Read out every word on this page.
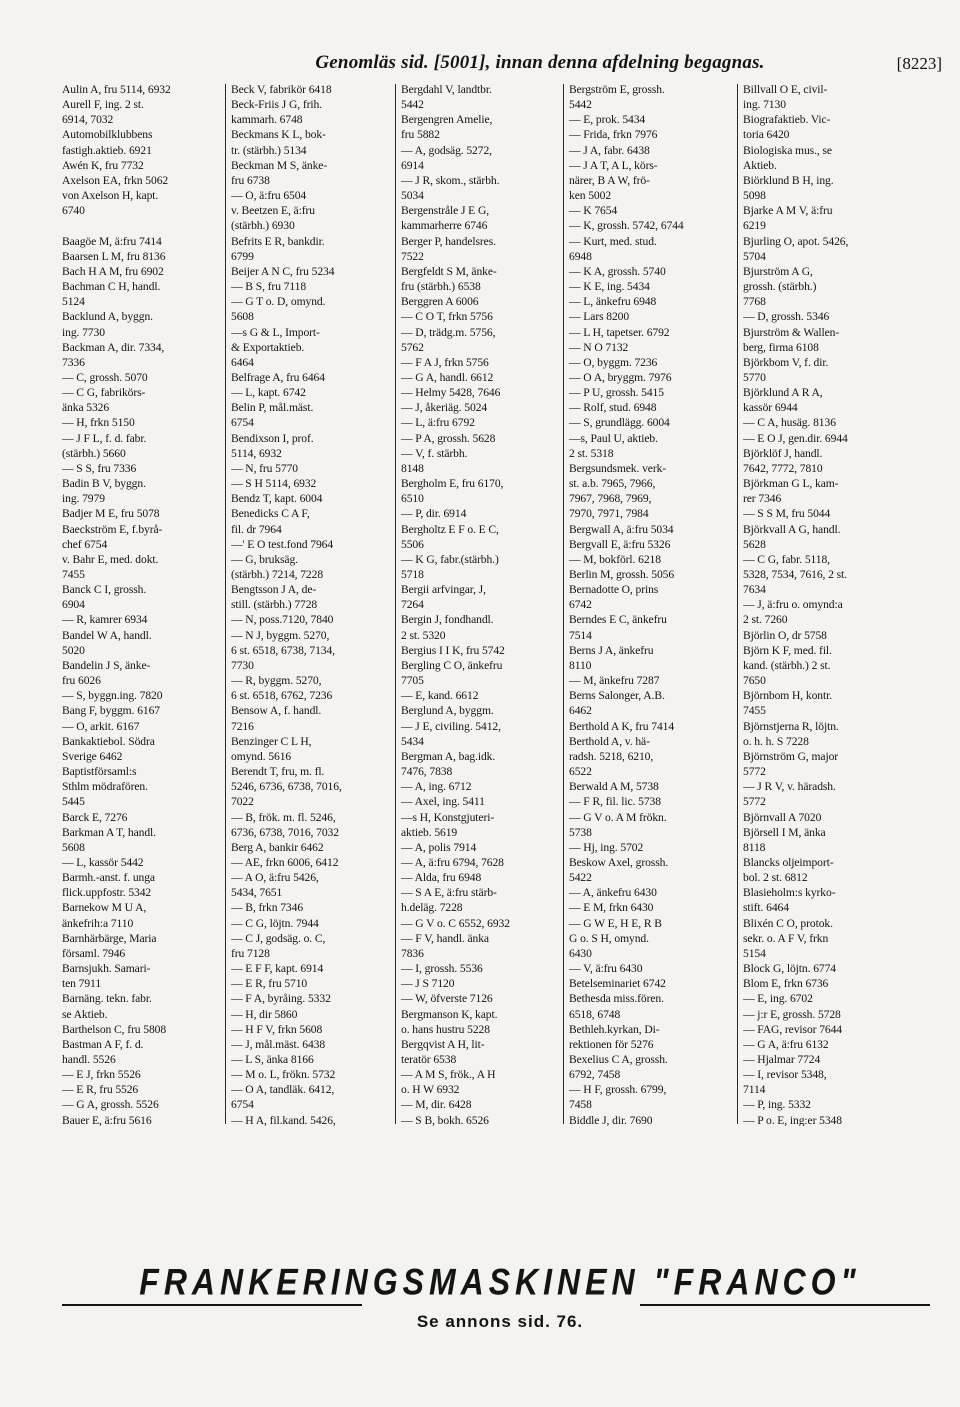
Genomläs sid. [5001], innan denna afdelning begagnas.	[8223]
Aulin A, fru 5114, 6932
Aurell F, ing. 2 st.
6914, 7032
Automobilklubbens
fastigh.aktieb. 6921
Awén K, fru 7732
Axelson EA, frkn 5062
von Axelson H, kapt.
6740

Baagöe M, ä:fru 7414
Baarsen L M, fru 8136
Bach H A M, fru 6902
Bachman C H, handl.
5124
Backlund A, byggn.
ing. 7730
Backman A, dir. 7334,
7336
— C, grossh. 5070
— C G, fabrikörs-
änka 5326
— H, frkn 5150
— J F L, f. d. fabr.
(stärbh.) 5660
— S S, fru 7336
Badin B V, byggn.
ing. 7979
Badjer M E, fru 5078
Baeckström E, f.byrå-
chef 6754
v. Bahr E, med. dokt.
7455
Banck C I, grossh.
6904
— R, kamrer 6934
Bandel W A, handl.
5020
Bandelin J S, änke-
fru 6026
— S, byggn.ing. 7820
Bang F, byggm. 6167
— O, arkit. 6167
Bankaktiebol. Södra
Sverige 6462
Baptistförsaml:s
Sthlm mödrafören.
5445
Barck E, 7276
Barkman A T, handl.
5608
— L, kassör 5442
Barmh.-anst. f. unga
flick.uppfostr. 5342
Barnekow M U A,
änkefrih:a 7110
Barnhärbärge, Maria
församl. 7946
Barnsjukh. Samari-
ten 7911
Barnäng. tekn. fabr.
se Aktieb.
Barthelson C, fru 5808
Bastman A F, f. d.
handl. 5526
— E J, frkn 5526
— E R, fru 5526
— G A, grossh. 5526
Bauer E, ä:fru 5616
Beck V, fabrikör 6418
Beck-Friis J G, frih.
kammarh. 6748
Beckmans K L, bok-
tr. (stärbh.) 5134
Beckman M S, änke-
fru 6738
— O, ä:fru 6504
v. Beetzen E, ä:fru
(stärbh.) 6930
Befrits E R, bankdir.
6799
Beijer A N C, fru 5234
— B S, fru 7118
— G T o. D, omynd.
5608
—s G & L, Import-
& Exportaktieb.
6464
Belfrage A, fru 6464
— L, kapt. 6742
Belin P, mål.mäst.
6754
Bendixson I, prof.
5114, 6932
— N, fru 5770
— S H 5114, 6932
Bendz T, kapt. 6004
Benedicks C A F,
fil. dr 7964
—' E O test.fond 7964
— G, bruksäg.
(stärbh.) 7214, 7228
Bengtsson J A, de-
still. (stärbh.) 7728
— N, poss.7120, 7840
— N J, byggm. 5270,
6 st. 6518, 6738, 7134,
7730
— R, byggm. 5270,
6 st. 6518, 6762, 7236
Bensow A, f. handl.
7216
Benzinger C L H,
omynd. 5616
Berendt T, fru, m. fl.
5246, 6736, 6738, 7016,
7022
— B, frök. m. fl. 5246,
6736, 6738, 7016, 7032
Berg A, bankir 6462
— AE, frkn 6006, 6412
— A O, ä:fru 5426,
5434, 7651
— B, frkn 7346
— C G, löjtn. 7944
— C J, godsäg. o. C,
fru 7128
— E F F, kapt. 6914
— E R, fru 5710
— F A, byråing. 5332
— H, dir 5860
— H F V, frkn 5608
— J, mål.mäst. 6438
— L S, änka 8166
— M o. L, frökn. 5732
— O A, tandläk. 6412,
6754
— H A, fil.kand. 5426,
Bergdahl V, landtbr.
5442
Bergengren Amelie,
fru 5882
— A, godsäg. 5272,
6914
— J R, skom., stärbh.
5034
Bergenstråle J E G,
kammarherre 6746
Berger P, handelsres.
7522
Bergfeldt S M, änke-
fru (stärbh.) 6538
Berggren A 6006
— C O T, frkn 5756
— D, trädg.m. 5756,
5762
— F A J, frkn 5756
— G A, handl. 6612
— Helmy 5428, 7646
— J, åkeriäg. 5024
— L, ä:fru 6792
— P A, grossh. 5628
— V, f. stärbh.
8148
Bergholm E, fru 6170,
6510
— P, dir. 6914
Bergholtz E F o. E C,
5506
— K G, fabr.(stärbh.)
5718
Bergii arfvingar, J,
7264
Bergin J, fondhandl.
2 st. 5320
Bergius I I K, fru 5742
Bergling C O, änkefru
7705
— E, kand. 6612
Berglund A, byggm.
— J E, civiling. 5412,
5434
Bergman A, bag.idk.
7476, 7838
— A, ing. 6712
— Axel, ing. 5411
—s H, Konstgjuteri-
aktieb. 5619
— A, polis 7914
— A, ä:fru 6794, 7628
— Alda, fru 6948
— S A E, ä:fru stärb-
h.deläg. 7228
— G V o. C 6552, 6932
— F V, handl. änka
7836
— I, grossh. 5536
— J S 7120
— W, öfverste 7126
Bergmanson K, kapt.
o. hans hustru 5228
Bergqvist A H, lit-
teratör 6538
— A M S, frök., A H
o. H W 6932
— M, dir. 6428
— S B, bokh. 6526
Bergström E, grossh.
5442
— E, prok. 5434
— Frida, frkn 7976
— J A, fabr. 6438
— J A T, A L, körs-
närer, B A W, frö-
ken 5002
— K 7654
— K, grossh. 5742, 6744
— Kurt, med. stud.
6948
— K A, grossh. 5740
— K E, ing. 5434
— L, änkefru 6948
— Lars 8200
— L H, tapetser. 6792
— N O 7132
— O, byggm. 7236
— O A, bryggm. 7976
— P U, grossh. 5415
— Rolf, stud. 6948
— S, grundlägg. 6004
—s, Paul U, aktieb.
2 st. 5318
Bergsundsmek. verk-
st. a.b. 7965, 7966,
7967, 7968, 7969,
7970, 7971, 7984
Bergwall A, ä:fru 5034
Bergvall E, ä:fru 5326
— M, bokförl. 6218
Berlin M, grossh. 5056
Bernadotte O, prins
6742
Berndes E C, änkefru
7514
Berns J A, änkefru
8110
— M, änkefru 7287
Berns Salonger, A.B.
6462
Berthold A K, fru 7414
Berthold A, v. hä-
radsh. 5218, 6210,
6522
Berwald A M, 5738
— F R, fil. lic. 5738
— G V o. A M frökn.
5738
— Hj, ing. 5702
Beskow Axel, grossh.
5422
— A, änkefru 6430
— E M, frkn 6430
— G W E, H E, R B
G o. S H, omynd.
6430
— V, ä:fru 6430
Betelseminariet 6742
Bethesda miss.fören.
6518, 6748
Bethleh.kyrkan, Di-
rektionen för 5276
Bexelius C A, grossh.
6792, 7458
— H F, grossh. 6799,
7458
Biddle J, dir. 7690
Billvall O E, civil-
ing. 7130
Biografaktieb. Vic-
toria 6420
Biologiska mus., se
Aktieb.
Biörklund B H, ing.
5098
Bjarke A M V, ä:fru
6219
Bjurling O, apot. 5426,
5704
Bjurström A G,
grossh. (stärbh.)
7768
— D, grossh. 5346
Bjurström & Wallen-
berg, firma 6108
Björkbom V, f. dir.
5770
Björklund A R A,
kassör 6944
— C A, husäg. 8136
— E O J, gen.dir. 6944
Björklöf J, handl.
7642, 7772, 7810
Björkman G L, kam-
rer 7346
— S S M, fru 5044
Björkvall A G, handl.
5628
— C G, fabr. 5118,
5328, 7534, 7616, 2 st.
7634
— J, ä:fru o. omynd:a
2 st. 7260
Björlin O, dr 5758
Björn K F, med. fil.
kand. (stärbh.) 2 st.
7650
Björnbom H, kontr.
7455
Björnstjerna R, löjtn.
o. h. h. S 7228
Björnström G, major
5772
— J R V, v. häradsh.
5772
Björnvall A 7020
Björsell I M, änka
8118
Blancks oljeimport-
bol. 2 st. 6812
Blasieholm:s kyrko-
stift. 6464
Blixén C O, protok.
sekr. o. A F V, frkn
5154
Block G, löjtn. 6774
Blom E, frkn 6736
— E, ing. 6702
— j:r E, grossh. 5728
— FAG, revisor 7644
— G A, ä:fru 6132
— Hjalmar 7724
— I, revisor 5348,
7114
— P, ing. 5332
— P o. E, ing:er 5348
FRANKERINGSMASKINEN "FRANCO"
Se annons sid. 76.
